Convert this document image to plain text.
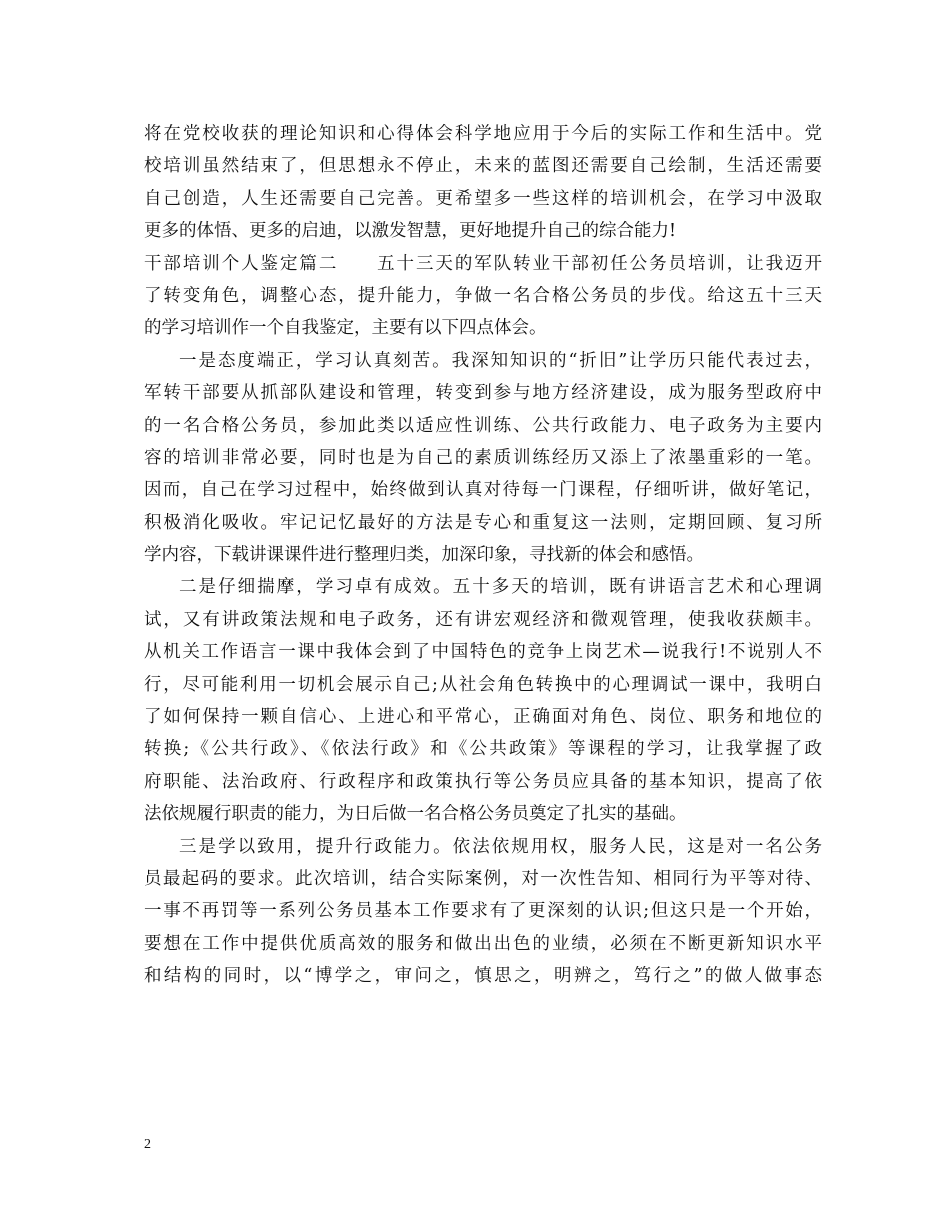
将在党校收获的理论知识和心得体会科学地应用于今后的实际工作和生活中。党
校培训虽然结束了，但思想永不停止，未来的蓝图还需要自己绘制，生活还需要
自己创造，人生还需要自己完善。更希望多一些这样的培训机会，在学习中汲取
更多的体悟、更多的启迪，以激发智慧，更好地提升自己的综合能力!
干部培训个人鉴定篇二　　五十三天的军队转业干部初任公务员培训，让我迈开
了转变角色，调整心态，提升能力，争做一名合格公务员的步伐。给这五十三天
的学习培训作一个自我鉴定，主要有以下四点体会。
一是态度端正，学习认真刻苦。我深知知识的“折旧”让学历只能代表过去，
军转干部要从抓部队建设和管理，转变到参与地方经济建设，成为服务型政府中
的一名合格公务员，参加此类以适应性训练、公共行政能力、电子政务为主要内
容的培训非常必要，同时也是为自己的素质训练经历又添上了浓墨重彩的一笔。
因而，自己在学习过程中，始终做到认真对待每一门课程，仔细听讲，做好笔记，
积极消化吸收。牢记记忆最好的方法是专心和重复这一法则，定期回顾、复习所
学内容，下载讲课课件进行整理归类，加深印象，寻找新的体会和感悟。
二是仔细揣摩，学习卓有成效。五十多天的培训，既有讲语言艺术和心理调
试，又有讲政策法规和电子政务，还有讲宏观经济和微观管理，使我收获颇丰。
从机关工作语言一课中我体会到了中国特色的竞争上岗艺术—说我行!不说别人不
行，尽可能利用一切机会展示自己;从社会角色转换中的心理调试一课中，我明白
了如何保持一颗自信心、上进心和平常心，正确面对角色、岗位、职务和地位的
转换;《公共行政》、《依法行政》和《公共政策》等课程的学习，让我掌握了政
府职能、法治政府、行政程序和政策执行等公务员应具备的基本知识，提高了依
法依规履行职责的能力，为日后做一名合格公务员奠定了扎实的基础。
三是学以致用，提升行政能力。依法依规用权，服务人民，这是对一名公务
员最起码的要求。此次培训，结合实际案例，对一次性告知、相同行为平等对待、
一事不再罚等一系列公务员基本工作要求有了更深刻的认识;但这只是一个开始，
要想在工作中提供优质高效的服务和做出出色的业绩，必须在不断更新知识水平
和结构的同时，以“博学之，审问之，慎思之，明辨之，笃行之”的做人做事态
2
